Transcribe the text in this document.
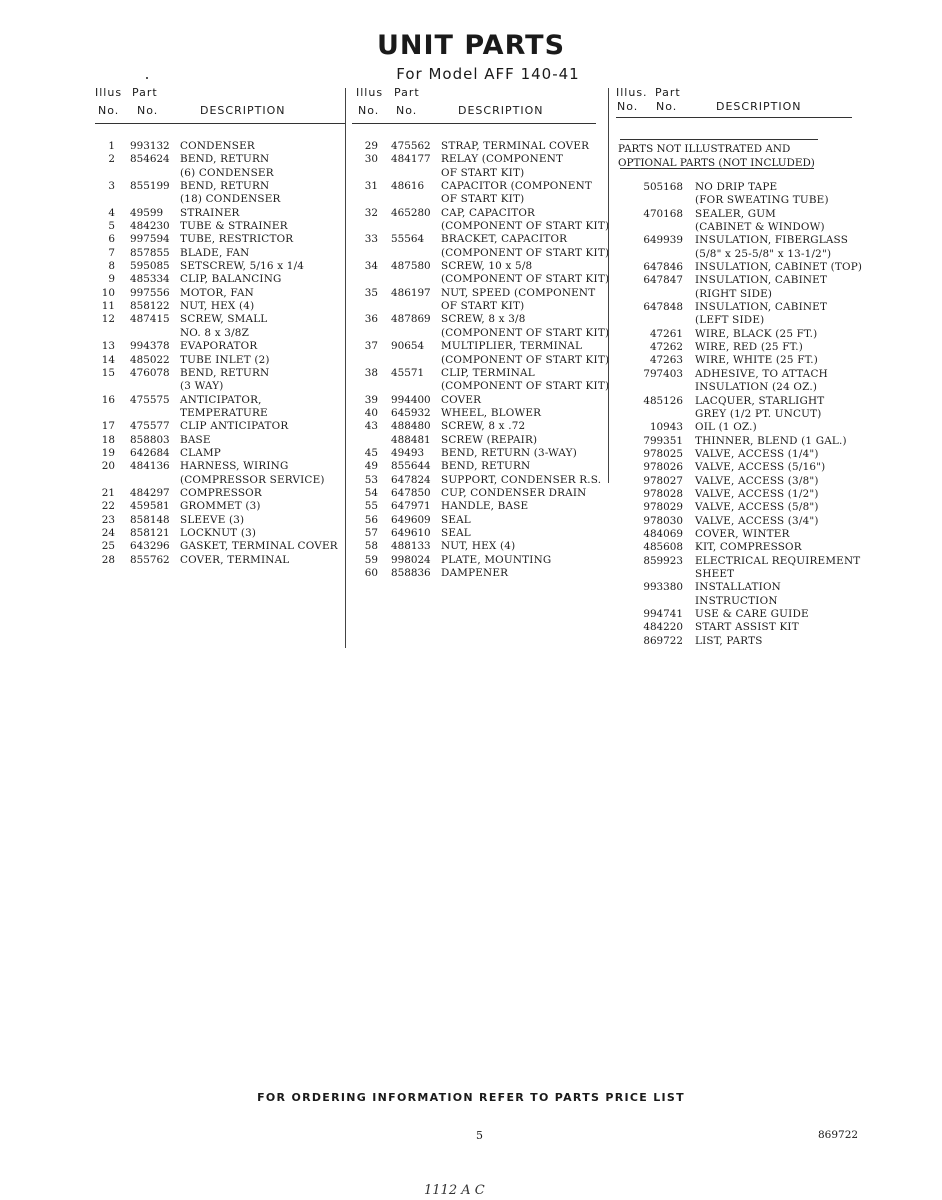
UNIT PARTS
For Model AFF 140-41
Illus Part
No. No.	DESCRIPTION
1 993132 CONDENSER
2 854624 BEND, RETURN
(6) CONDENSER
3 855199 BEND, RETURN
(18) CONDENSER
4 49599 STRAINER
5 484230 TUBE & STRAINER
6 997594 TUBE, RESTRICTOR
7 857855 BLADE, FAN
8 595085 SETSCREW, 5/16 x 1/4
9 485334 CLIP, BALANCING
10 997556 MOTOR, FAN
11 858122 NUT, HEX (4)
12 487415 SCREW, SMALL
NO. 8 x 3/8Z
13 994378 EVAPORATOR
14 485022 TUBE INLET (2)
15 476078 BEND, RETURN
(3 WAY)
16 475575 ANTICIPATOR,
TEMPERATURE
17 475577 CLIP ANTICIPATOR
18 858803 BASE
19 642684 CLAMP
20 484136 HARNESS, WIRING
(COMPRESSOR SERVICE)
21 484297 COMPRESSOR
22 459581 GROMMET (3)
23 858148 SLEEVE (3)
24 858121 LOCKNUT (3)
25 643296 GASKET, TERMINAL COVER
28 855762 COVER, TERMINAL
Illus Part
No. No.	DESCRIPTION
29 475562 STRAP, TERMINAL COVER
30 484177 RELAY (COMPONENT
OF START KIT)
31 48616 CAPACITOR (COMPONENT
OF START KIT)
32 465280 CAP, CAPACITOR
(COMPONENT OF START KIT)
33 55564 BRACKET, CAPACITOR
(COMPONENT OF START KIT)
34 487580 SCREW, 10 x 5/8
(COMPONENT OF START KIT)
35 486197 NUT, SPEED (COMPONENT
OF START KIT)
36 487869 SCREW, 8 x 3/8
(COMPONENT OF START KIT)
37 90654 MULTIPLIER, TERMINAL
(COMPONENT OF START KIT)
38 45571 CLIP, TERMINAL
(COMPONENT OF START KIT)
39 994400 COVER
40 645932 WHEEL, BLOWER
43 488480 SCREW, 8 x .72
488481 SCREW (REPAIR)
45 49493 BEND, RETURN (3-WAY)
49 855644 BEND, RETURN
53 647824 SUPPORT, CONDENSER R.S.
54 647850 CUP, CONDENSER DRAIN
55 647971 HANDLE, BASE
56 649609 SEAL
57 649610 SEAL
58 488133 NUT, HEX (4)
59 998024 PLATE, MOUNTING
60 858836 DAMPENER
Illus. Part
No. No.	DESCRIPTION
PARTS NOT ILLUSTRATED AND
OPTIONAL PARTS (NOT INCLUDED)
505168 NO DRIP TAPE
(FOR SWEATING TUBE)
470168 SEALER, GUM
(CABINET & WINDOW)
649939 INSULATION, FIBERGLASS
(5/8" x 25-5/8" x 13-1/2")
647846 INSULATION, CABINET (TOP)
647847 INSULATION, CABINET
(RIGHT SIDE)
647848 INSULATION, CABINET
(LEFT SIDE)
47261 WIRE, BLACK (25 FT.)
47262 WIRE, RED (25 FT.)
47263 WIRE, WHITE (25 FT.)
797403 ADHESIVE, TO ATTACH
INSULATION (24 OZ.)
485126 LACQUER, STARLIGHT
GREY (1/2 PT. UNCUT)
10943 OIL (1 OZ.)
799351 THINNER, BLEND (1 GAL.)
978025 VALVE, ACCESS (1/4")
978026 VALVE, ACCESS (5/16")
978027 VALVE, ACCESS (3/8")
978028 VALVE, ACCESS (1/2")
978029 VALVE, ACCESS (5/8")
978030 VALVE, ACCESS (3/4")
484069 COVER, WINTER
485608 KIT, COMPRESSOR
859923 ELECTRICAL REQUIREMENT
SHEET
993380 INSTALLATION
INSTRUCTION
994741 USE & CARE GUIDE
484220 START ASSIST KIT
869722 LIST, PARTS
FOR ORDERING INFORMATION REFER TO PARTS PRICE LIST
5	869722
1112 A C
